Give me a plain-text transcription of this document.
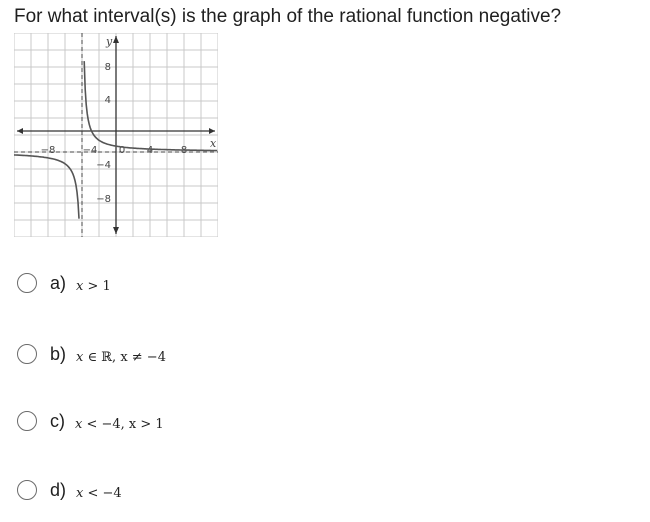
For what interval(s) is the graph of the rational function negative?
−8	−4 0 4	8
8
4
−4
−8
y
x
a) x > 1
b) x ∈ ℝ, x ≠ −4
c) x < −4, x > 1
d) x < −4
